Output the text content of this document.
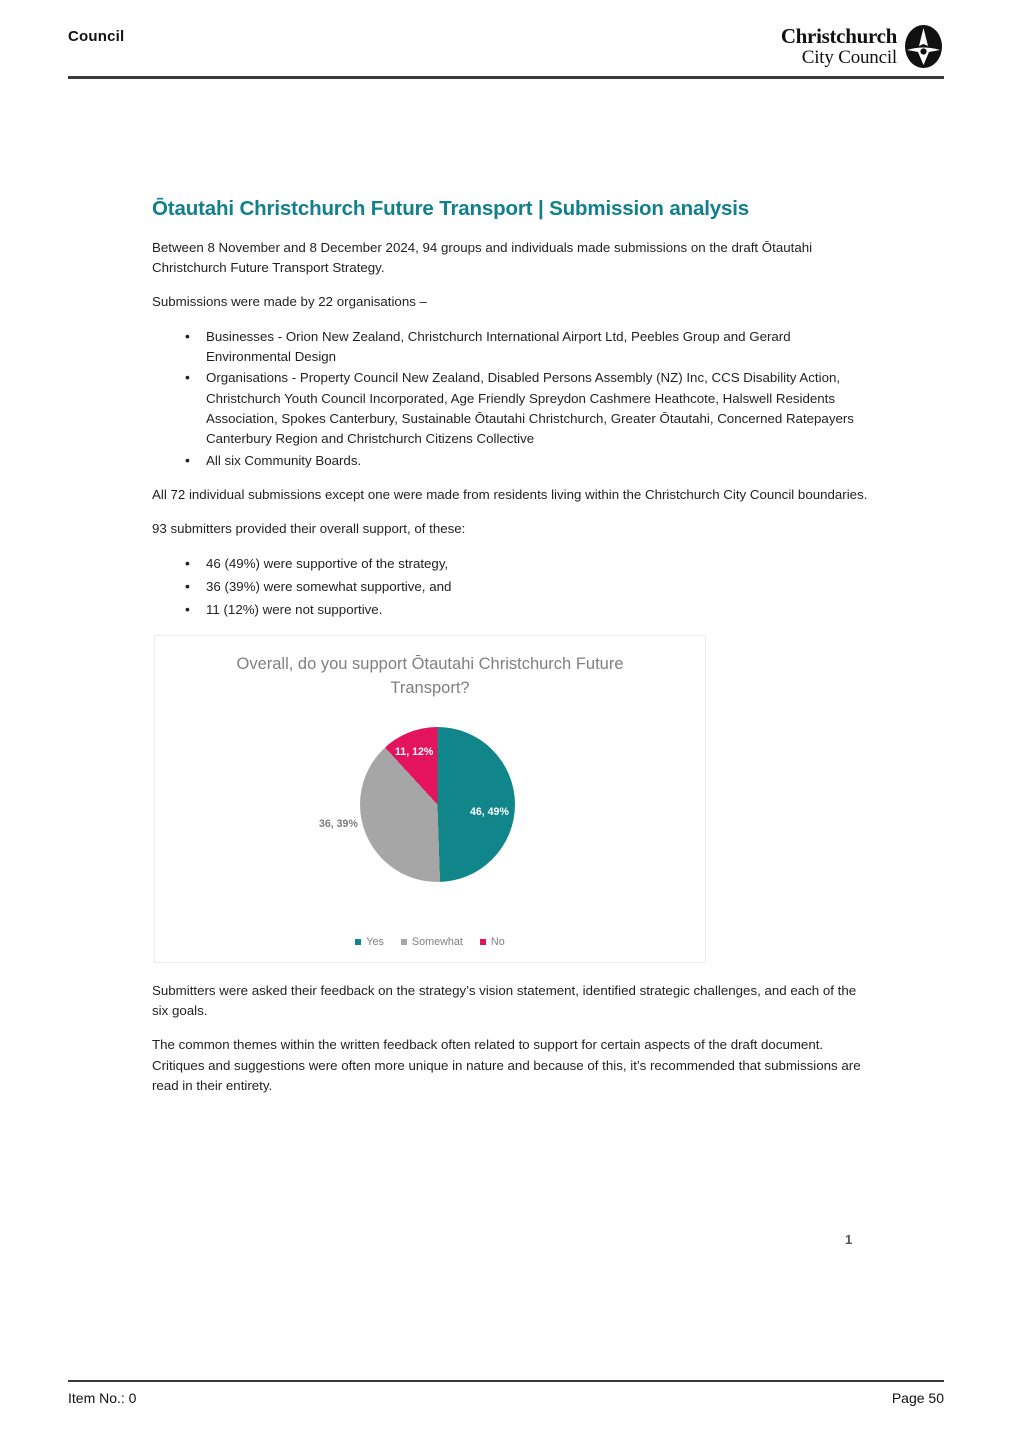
Council	Christchurch
City Council
Ōtautahi Christchurch Future Transport | Submission analysis

Between 8 November and 8 December 2024, 94 groups and individuals made submissions on the draft Ōtautahi Christchurch Future Transport Strategy.

Submissions were made by 22 organisations –

• Businesses - Orion New Zealand, Christchurch International Airport Ltd, Peebles Group and Gerard Environmental Design
• Organisations - Property Council New Zealand, Disabled Persons Assembly (NZ) Inc, CCS Disability Action, Christchurch Youth Council Incorporated, Age Friendly Spreydon Cashmere Heathcote, Halswell Residents Association, Spokes Canterbury, Sustainable Ōtautahi Christchurch, Greater Ōtautahi, Concerned Ratepayers Canterbury Region and Christchurch Citizens Collective
• All six Community Boards.

All 72 individual submissions except one were made from residents living within the Christchurch City Council boundaries.

93 submitters provided their overall support, of these:

• 46 (49%) were supportive of the strategy,
• 36 (39%) were somewhat supportive, and
• 11 (12%) were not supportive.
Overall, do you support Ōtautahi Christchurch Future Transport?
46, 49%
36, 39%
11, 12%
Yes	Somewhat	No

Submitters were asked their feedback on the strategy’s vision statement, identified strategic challenges, and each of the six goals.

The common themes within the written feedback often related to support for certain aspects of the draft document. Critiques and suggestions were often more unique in nature and because of this, it’s recommended that submissions are read in their entirety.

1
Item No.: 0	Page 50
